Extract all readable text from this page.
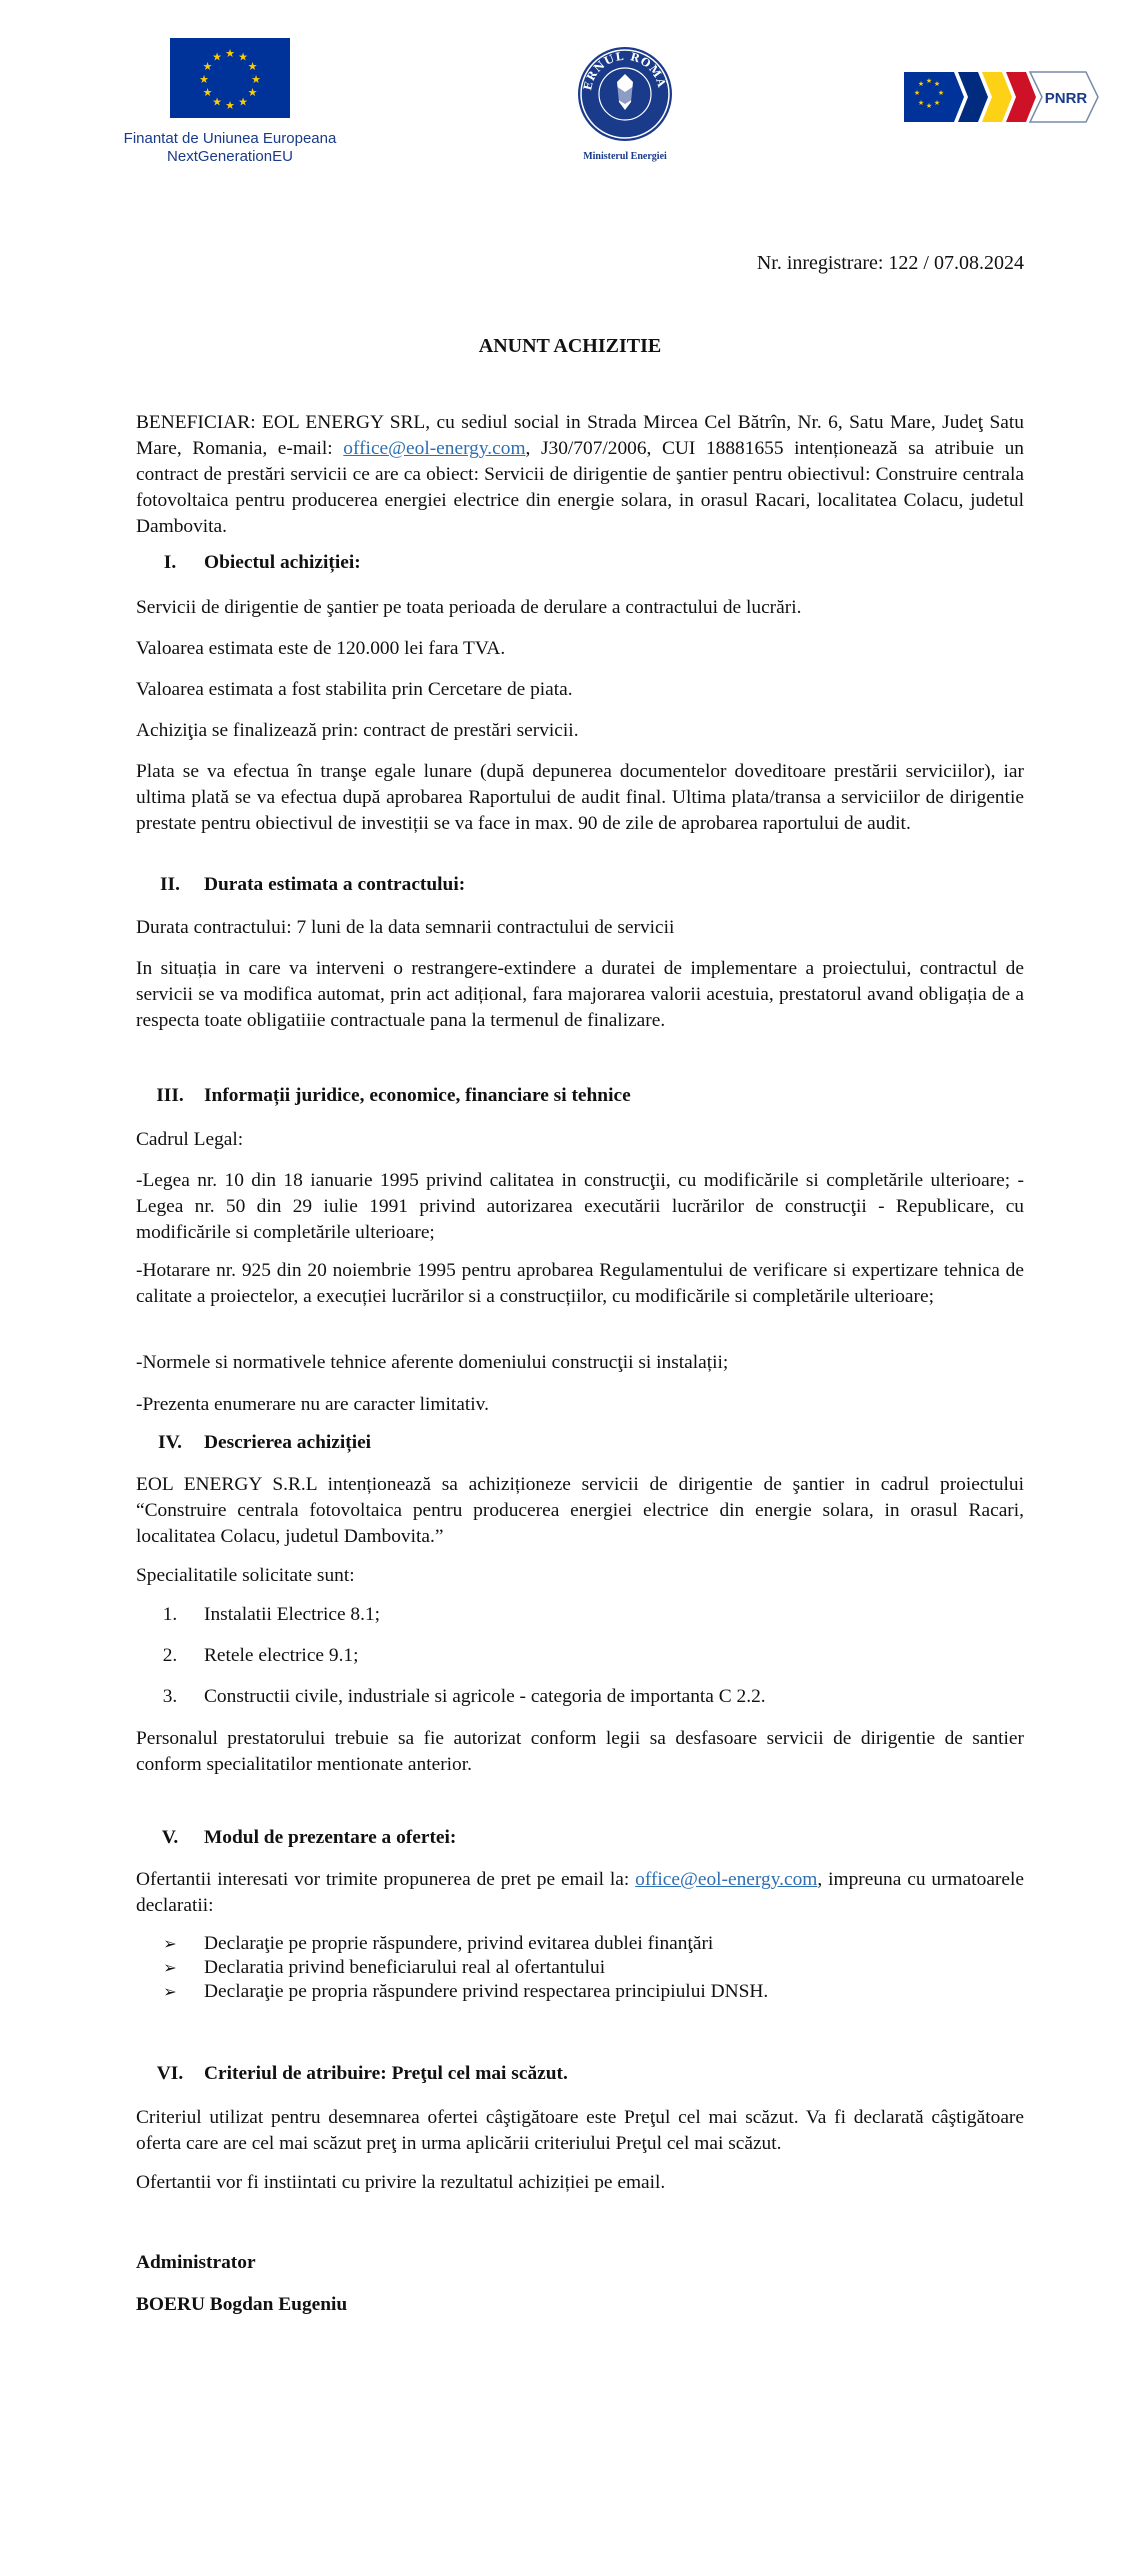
★ ★
★
★
★
★
★
★
★
★
★
★
Finantat de Uniunea Europeana
NextGenerationEU
ERNUL ROMÂ
Ministerul Energiei
★ ★
★
★
★
★
★
★
PNRR
Nr. inregistrare: 122 / 07.08.2024
ANUNT ACHIZITIE

BENEFICIAR: EOL ENERGY SRL, cu sediul social in Strada Mircea Cel Bătrîn, Nr. 6, Satu Mare, Judeţ Satu Mare, Romania, e-mail: office@eol-energy.com, J30/707/2006, CUI 18881655 intenționează sa atribuie un contract de prestări servicii ce are ca obiect: Servicii de dirigentie de şantier pentru obiectivul: Construire centrala fotovoltaica pentru producerea energiei electrice din energie solara, in orasul Racari, localitatea Colacu, judetul Dambovita.

I. Obiectul achiziției:

Servicii de dirigentie de şantier pe toata perioada de derulare a contractului de lucrări.

Valoarea estimata este de 120.000 lei fara TVA.

Valoarea estimata a fost stabilita prin Cercetare de piata.

Achiziţia se finalizează prin: contract de prestări servicii.

Plata se va efectua în tranşe egale lunare (după depunerea documentelor doveditoare prestării serviciilor), iar ultima plată se va efectua după aprobarea Raportului de audit final. Ultima plata/transa a serviciilor de dirigentie prestate pentru obiectivul de investiții se va face in max. 90 de zile de aprobarea raportului de audit.

II. Durata estimata a contractului:

Durata contractului: 7 luni de la data semnarii contractului de servicii

In situația in care va interveni o restrangere-extindere a duratei de implementare a proiectului, contractul de servicii se va modifica automat, prin act adițional, fara majorarea valorii acestuia, prestatorul avand obligația de a respecta toate obligatiiie contractuale pana la termenul de finalizare.

III. Informații juridice, economice, financiare si tehnice

Cadrul Legal:

-Legea nr. 10 din 18 ianuarie 1995 privind calitatea in construcţii, cu modificările si completările ulterioare; -Legea nr. 50 din 29 iulie 1991 privind autorizarea executării lucrărilor de construcţii - Republicare, cu modificările si completările ulterioare;

-Hotarare nr. 925 din 20 noiembrie 1995 pentru aprobarea Regulamentului de verificare si expertizare tehnica de calitate a proiectelor, a execuției lucrărilor si a construcțiilor, cu modificările si completările ulterioare;

-Normele si normativele tehnice aferente domeniului construcţii si instalații;

-Prezenta enumerare nu are caracter limitativ.

IV. Descrierea achiziției

EOL ENERGY S.R.L intenționează sa achiziționeze servicii de dirigentie de şantier in cadrul proiectului “Construire centrala fotovoltaica pentru producerea energiei electrice din energie solara, in orasul Racari, localitatea Colacu, judetul Dambovita.”

Specialitatile solicitate sunt:

1. Instalatii Electrice 8.1;
2. Retele electrice 9.1;
3. Constructii civile, industriale si agricole - categoria de importanta C 2.2.

Personalul prestatorului trebuie sa fie autorizat conform legii sa desfasoare servicii de dirigentie de santier conform specialitatilor mentionate anterior.

V. Modul de prezentare a ofertei:

Ofertantii interesati vor trimite propunerea de pret pe email la: office@eol-energy.com, impreuna cu urmatoarele declaratii:

➢ Declaraţie pe proprie răspundere, privind evitarea dublei finanţări
➢ Declaratia privind beneficiarului real al ofertantului
➢ Declaraţie pe propria răspundere privind respectarea principiului DNSH.
VI. Criteriul de atribuire: Preţul cel mai scăzut.

Criteriul utilizat pentru desemnarea ofertei câştigătoare este Preţul cel mai scăzut. Va fi declarată câştigătoare oferta care are cel mai scăzut preţ in urma aplicării criteriului Preţul cel mai scăzut.

Ofertantii vor fi instiintati cu privire la rezultatul achiziției pe email.

Administrator
BOERU Bogdan Eugeniu
